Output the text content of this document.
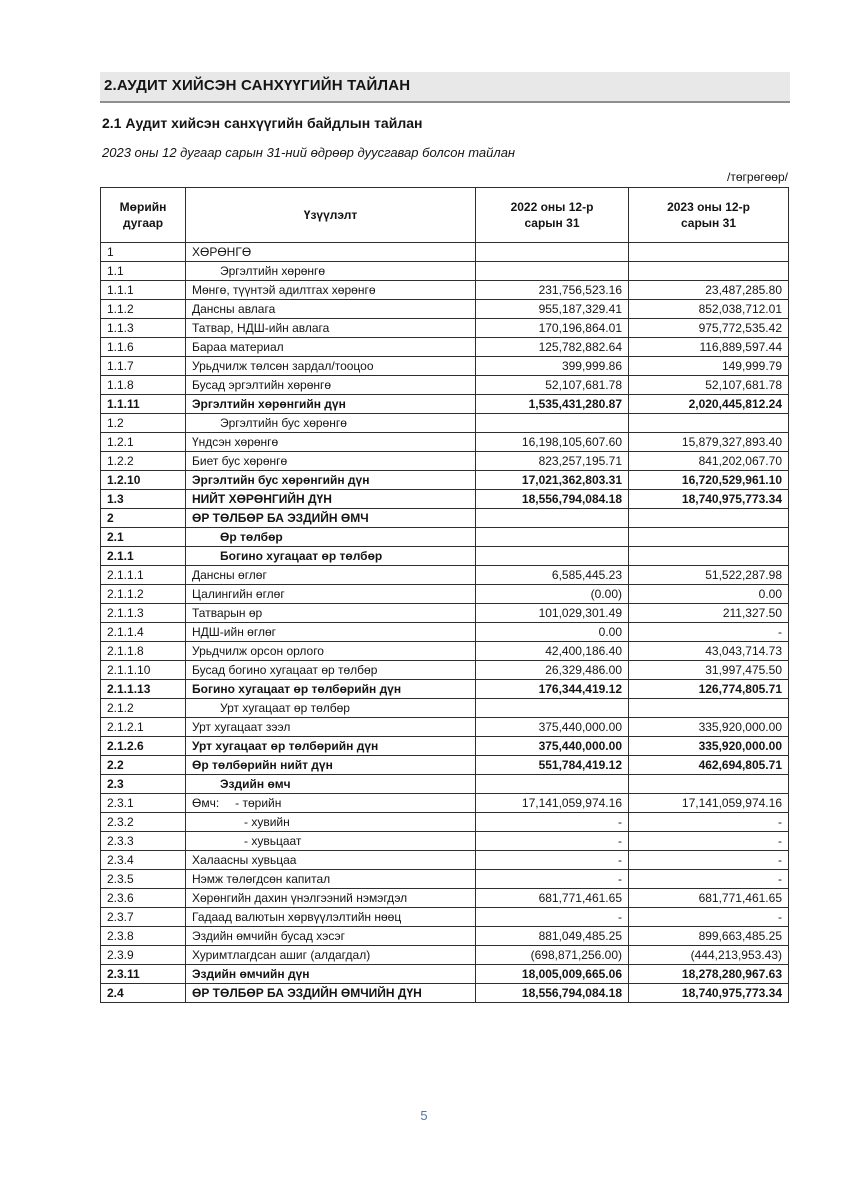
2.АУДИТ ХИЙСЭН САНХҮҮГИЙН ТАЙЛАН
2.1 Аудит хийсэн санхүүгийн байдлын тайлан
2023 оны 12 дугаар сарын 31-ний өдрөөр дуусгавар болсон тайлан
/төгрөгөөр/
Мөрийн дугаар	Үзүүлэлт	2022 оны 12-р сарын 31	2023 оны 12-р сарын 31
1	ХӨРӨНГӨ		
1.1	Эргэлтийн хөрөнгө		
1.1.1	Мөнгө, түүнтэй адилтгах хөрөнгө	231,756,523.16	23,487,285.80
1.1.2	Дансны авлага	955,187,329.41	852,038,712.01
1.1.3	Татвар, НДШ-ийн авлага	170,196,864.01	975,772,535.42
1.1.6	Бараа материал	125,782,882.64	116,889,597.44
1.1.7	Урьдчилж төлсөн зардал/тооцоо	399,999.86	149,999.79
1.1.8	Бусад эргэлтийн хөрөнгө	52,107,681.78	52,107,681.78
1.1.11	Эргэлтийн хөрөнгийн дүн	1,535,431,280.87	2,020,445,812.24
1.2	Эргэлтийн бус хөрөнгө		
1.2.1	Үндсэн хөрөнгө	16,198,105,607.60	15,879,327,893.40
1.2.2	Биет бус хөрөнгө	823,257,195.71	841,202,067.70
1.2.10	Эргэлтийн бус хөрөнгийн дүн	17,021,362,803.31	16,720,529,961.10
1.3	НИЙТ ХӨРӨНГИЙН ДҮН	18,556,794,084.18	18,740,975,773.34
2	ӨР ТӨЛБӨР БА ЭЗДИЙН ӨМЧ		
2.1	Өр төлбөр		
2.1.1	Богино хугацаат өр төлбөр		
2.1.1.1	Дансны өглөг	6,585,445.23	51,522,287.98
2.1.1.2	Цалингийн өглөг	(0.00)	0.00
2.1.1.3	Татварын өр	101,029,301.49	211,327.50
2.1.1.4	НДШ-ийн өглөг	0.00	-
2.1.1.8	Урьдчилж орсон орлого	42,400,186.40	43,043,714.73
2.1.1.10	Бусад богино хугацаат өр төлбөр	26,329,486.00	31,997,475.50
2.1.1.13	Богино хугацаат өр төлбөрийн дүн	176,344,419.12	126,774,805.71
2.1.2	Урт хугацаат өр төлбөр		
2.1.2.1	Урт хугацаат зээл	375,440,000.00	335,920,000.00
2.1.2.6	Урт хугацаат өр төлбөрийн дүн	375,440,000.00	335,920,000.00
2.2	Өр төлбөрийн нийт дүн	551,784,419.12	462,694,805.71
2.3	Эздийн өмч		
2.3.1	Өмч: - төрийн	17,141,059,974.16	17,141,059,974.16
2.3.2	- хувийн	-	-
2.3.3	- хувьцаат	-	-
2.3.4	Халаасны хувьцаа	-	-
2.3.5	Нэмж төлөгдсөн капитал	-	-
2.3.6	Хөрөнгийн дахин үнэлгээний нэмэгдэл	681,771,461.65	681,771,461.65
2.3.7	Гадаад валютын хөрвүүлэлтийн нөөц	-	-
2.3.8	Эздийн өмчийн бусад хэсэг	881,049,485.25	899,663,485.25
2.3.9	Хуримтлагдсан ашиг (алдагдал)	(698,871,256.00)	(444,213,953.43)
2.3.11	Эздийн өмчийн дүн	18,005,009,665.06	18,278,280,967.63
2.4	ӨР ТӨЛБӨР БА ЭЗДИЙН ӨМЧИЙН ДҮН	18,556,794,084.18	18,740,975,773.34
5
